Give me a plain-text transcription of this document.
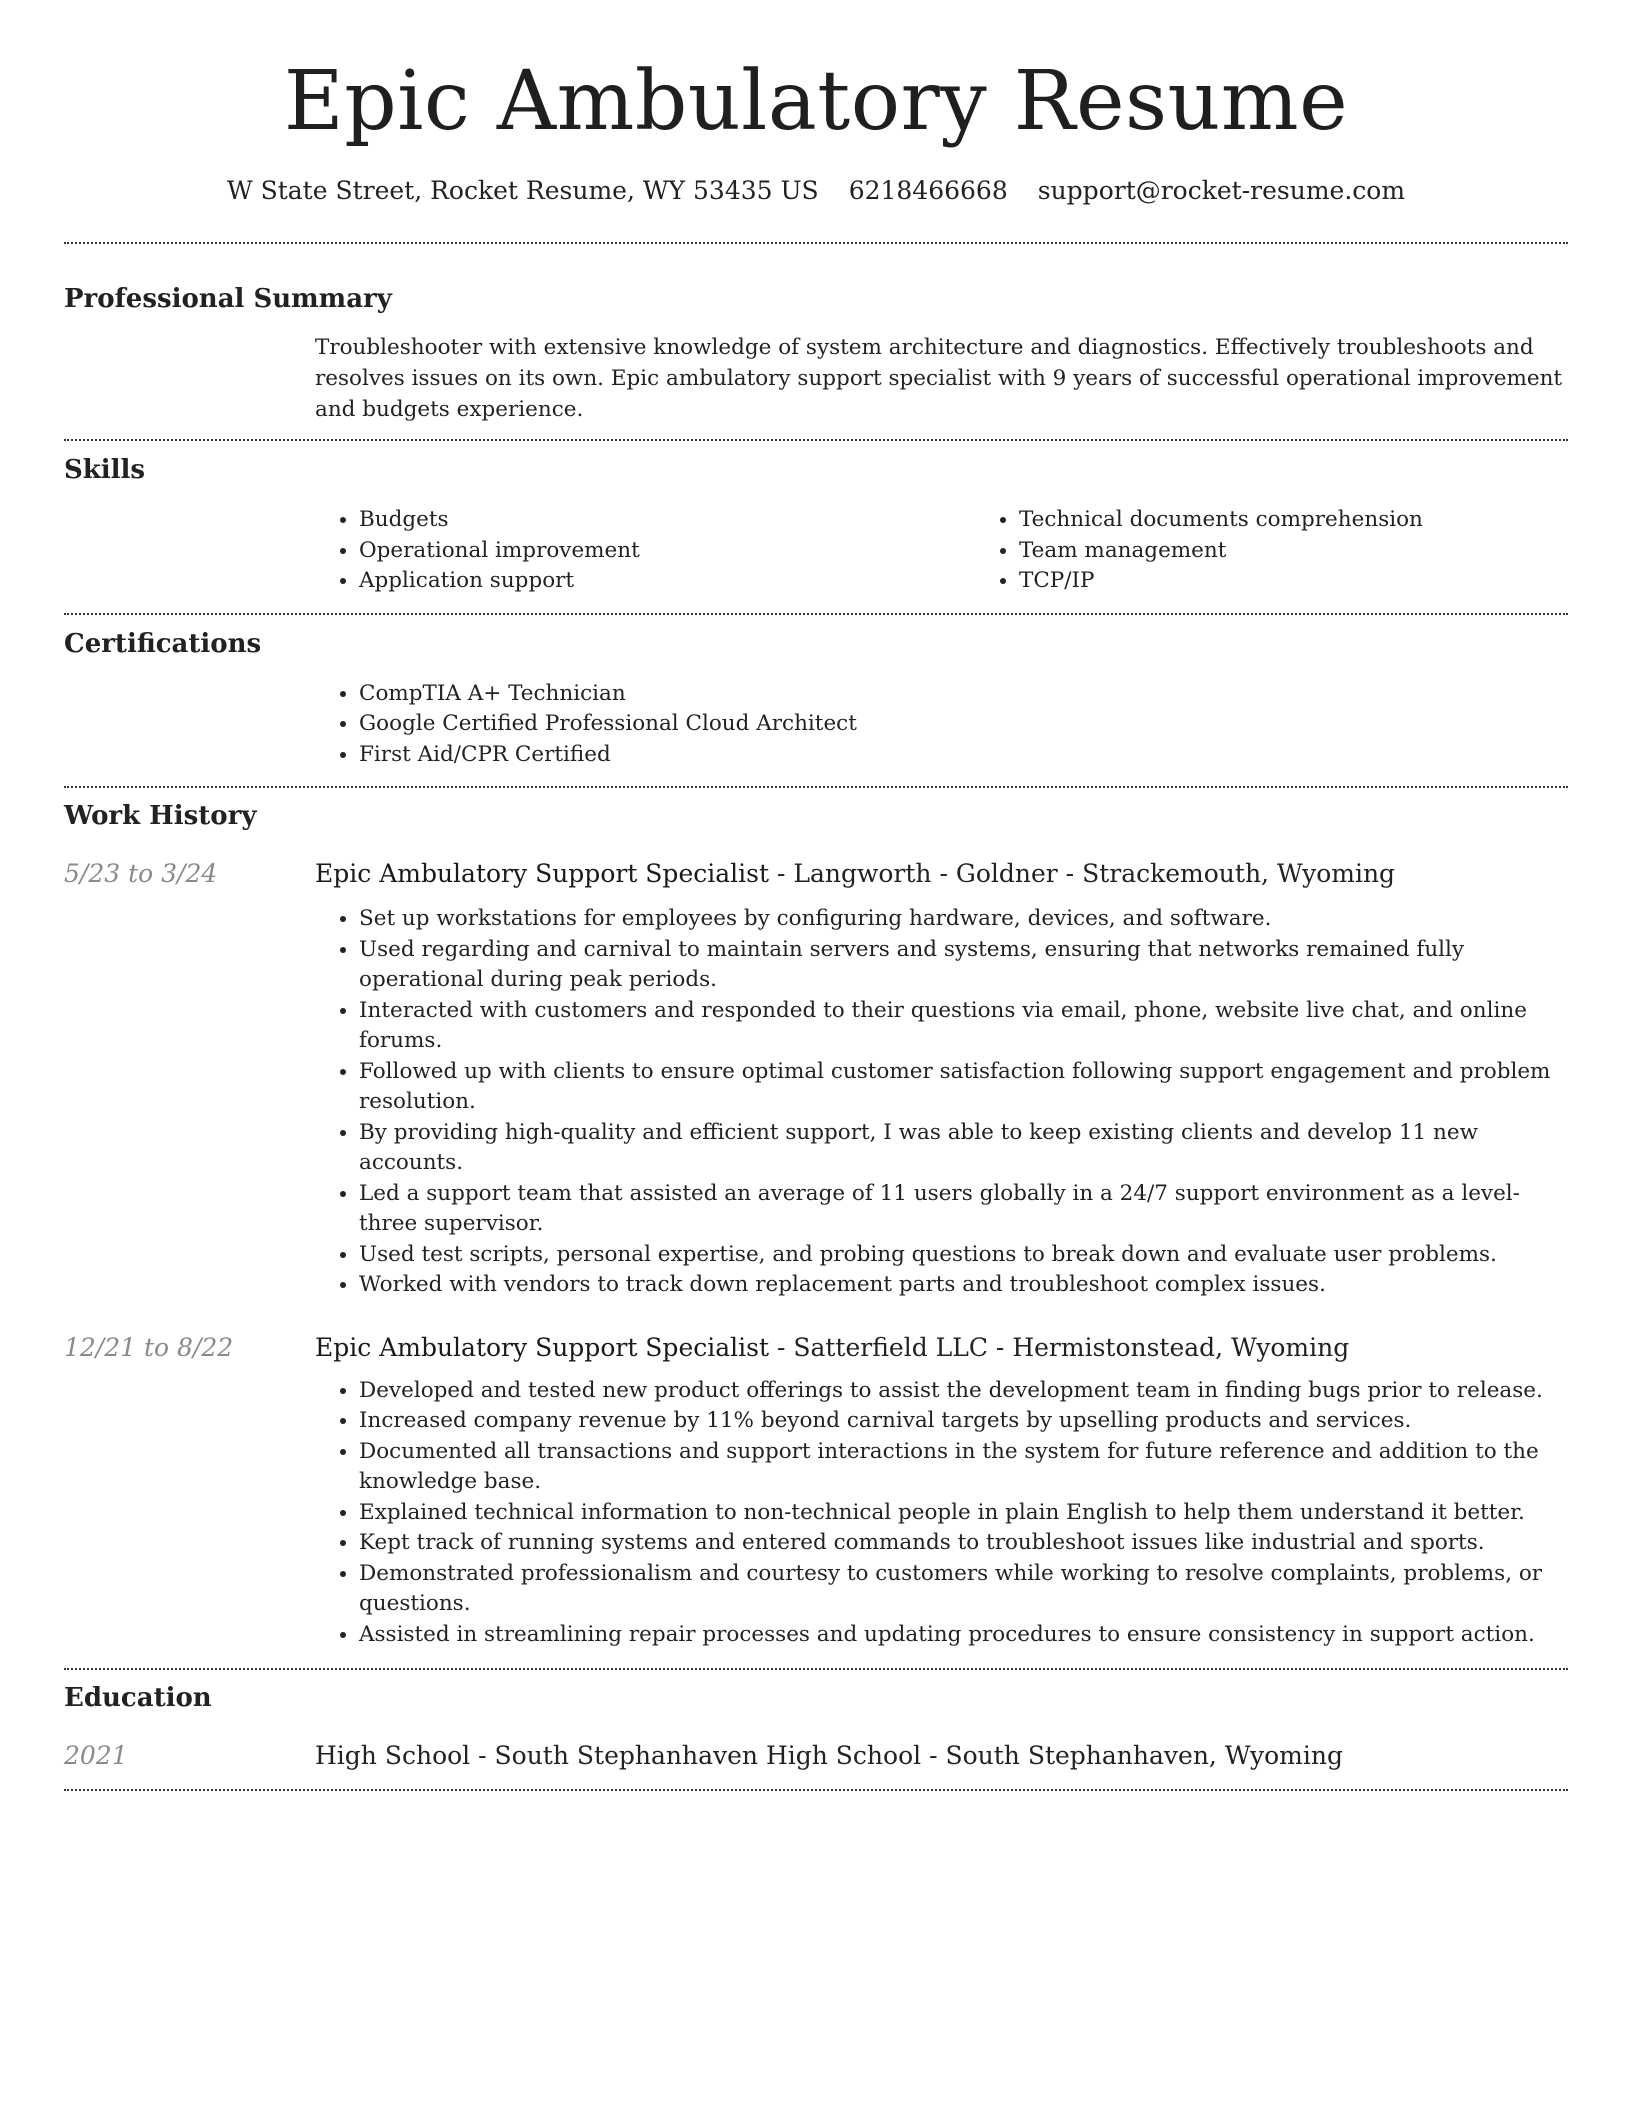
Epic Ambulatory Resume
W State Street, Rocket Resume, WY 53435 US 6218466668 support@rocket-resume.com
Professional Summary

Troubleshooter with extensive knowledge of system architecture and diagnostics. Effectively troubleshoots and resolves issues on its own. Epic ambulatory support specialist with 9 years of successful operational improvement and budgets experience.

Skills
• Budgets
• Operational improvement
• Application support
• Technical documents comprehension
• Team management
• TCP/IP
Certifications
• CompTIA A+ Technician
• Google Certified Professional Cloud Architect
• First Aid/CPR Certified
Work History
5/23 to 3/24	Epic Ambulatory Support Specialist - Langworth - Goldner - Strackemouth, Wyoming
• Set up workstations for employees by configuring hardware, devices, and software.
• Used regarding and carnival to maintain servers and systems, ensuring that networks remained fully operational during peak periods.
• Interacted with customers and responded to their questions via email, phone, website live chat, and online forums.
• Followed up with clients to ensure optimal customer satisfaction following support engagement and problem resolution.
• By providing high-quality and efficient support, I was able to keep existing clients and develop 11 new accounts.
• Led a support team that assisted an average of 11 users globally in a 24/7 support environment as a level-three supervisor.
• Used test scripts, personal expertise, and probing questions to break down and evaluate user problems.
• Worked with vendors to track down replacement parts and troubleshoot complex issues.
12/21 to 8/22	Epic Ambulatory Support Specialist - Satterfield LLC - Hermistonstead, Wyoming
• Developed and tested new product offerings to assist the development team in finding bugs prior to release.
• Increased company revenue by 11% beyond carnival targets by upselling products and services.
• Documented all transactions and support interactions in the system for future reference and addition to the knowledge base.
• Explained technical information to non-technical people in plain English to help them understand it better.
• Kept track of running systems and entered commands to troubleshoot issues like industrial and sports.
• Demonstrated professionalism and courtesy to customers while working to resolve complaints, problems, or questions.
• Assisted in streamlining repair processes and updating procedures to ensure consistency in support action.
Education
2021	High School - South Stephanhaven High School - South Stephanhaven, Wyoming
